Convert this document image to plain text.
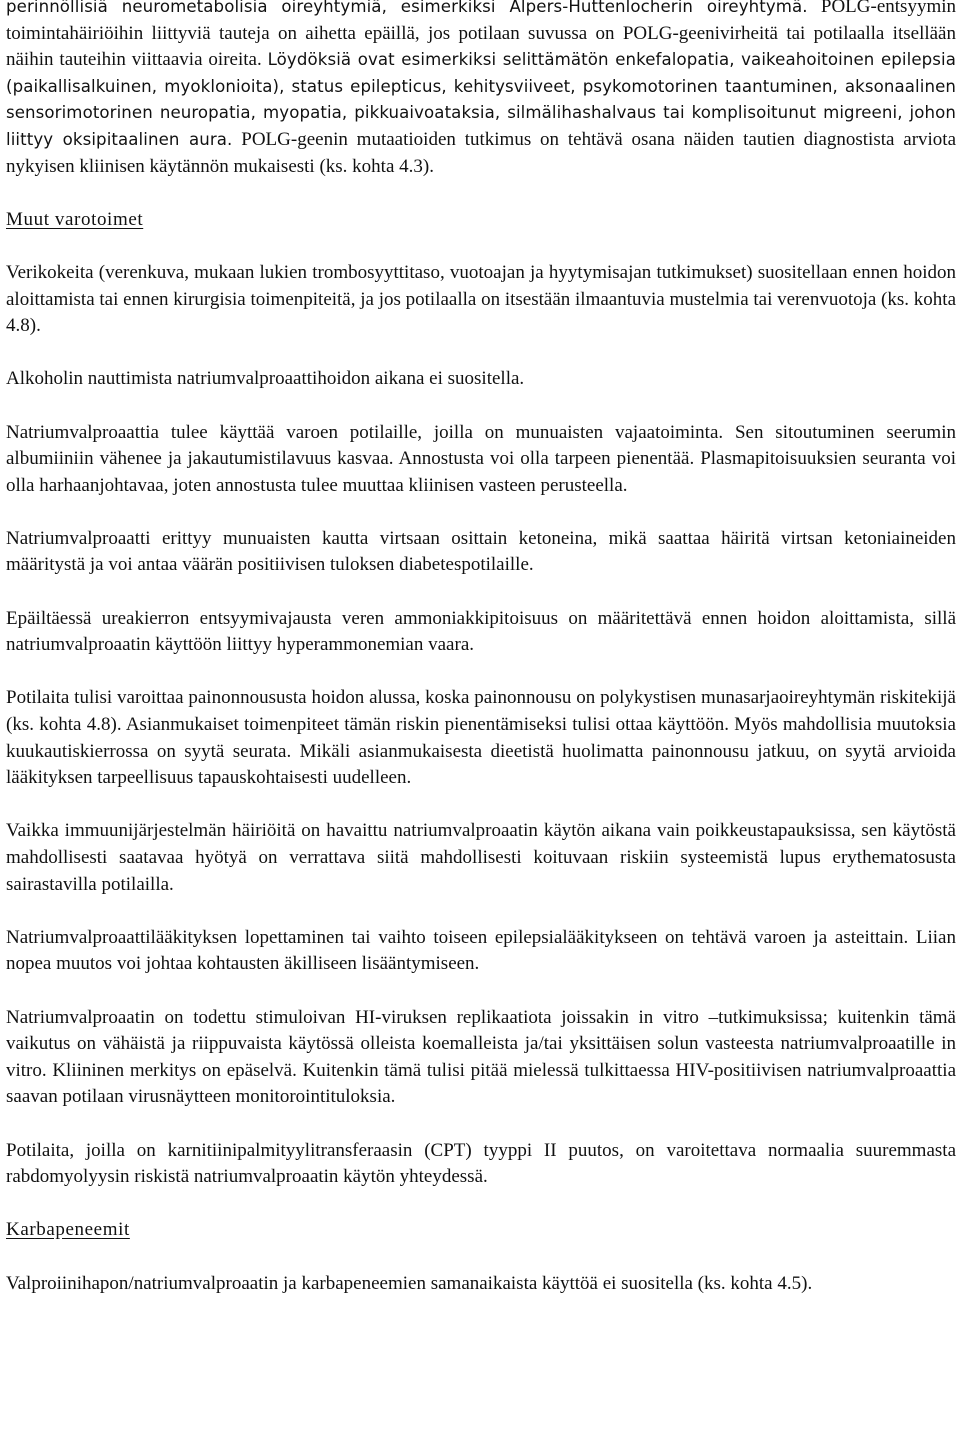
perinnöllisiä neurometabolisia oireyhtymiä, esimerkiksi Alpers-Huttenlocherin oireyhtymä. POLG-entsyymin toimintahäiriöihin liittyviä tauteja on aihetta epäillä, jos potilaan suvussa on POLG-geenivirheitä tai potilaalla itsellään näihin tauteihin viittaavia oireita. Löydöksiä ovat esimerkiksi selittämätön enkefalopatia, vaikeahoitoinen epilepsia (paikallisalkuinen, myoklonioita), status epilepticus, kehitysviiveet, psykomotorinen taantuminen, aksonaalinen sensorimotorinen neuropatia, myopatia, pikkuaivoataksia, silmälihashalvaus tai komplisoitunut migreeni, johon liittyy oksipitaalinen aura. POLG-geenin mutaatioiden tutkimus on tehtävä osana näiden tautien diagnostista arviota nykyisen kliinisen käytännön mukaisesti (ks. kohta 4.3).

Muut varotoimet

Verikokeita (verenkuva, mukaan lukien trombosyyttitaso, vuotoajan ja hyytymisajan tutkimukset) suositellaan ennen hoidon aloittamista tai ennen kirurgisia toimenpiteitä, ja jos potilaalla on itsestään ilmaantuvia mustelmia tai verenvuotoja (ks. kohta 4.8).

Alkoholin nauttimista natriumvalproaattihoidon aikana ei suositella.

Natriumvalproaattia tulee käyttää varoen potilaille, joilla on munuaisten vajaatoiminta. Sen sitoutuminen seerumin albumiiniin vähenee ja jakautumistilavuus kasvaa. Annostusta voi olla tarpeen pienentää. Plasmapitoisuuksien seuranta voi olla harhaanjohtavaa, joten annostusta tulee muuttaa kliinisen vasteen perusteella.

Natriumvalproaatti erittyy munuaisten kautta virtsaan osittain ketoneina, mikä saattaa häiritä virtsan ketoniaineiden määritystä ja voi antaa väärän positiivisen tuloksen diabetespotilaille.

Epäiltäessä ureakierron entsyymivajausta veren ammoniakkipitoisuus on määritettävä ennen hoidon aloittamista, sillä natriumvalproaatin käyttöön liittyy hyperammonemian vaara.

Potilaita tulisi varoittaa painonnousustа hoidon alussa, koska painonnousu on polykystisen munasarjaoireyhtymän riskitekijä (ks. kohta 4.8). Asianmukaiset toimenpiteet tämän riskin pienentämiseksi tulisi ottaa käyttöön. Myös mahdollisia muutoksia kuukautiskierrossa on syytä seurata. Mikäli asianmukaisesta dieetistä huolimatta painonnousu jatkuu, on syytä arvioida lääkityksen tarpeellisuus tapauskohtaisesti uudelleen.

Vaikka immuunijärjestelmän häiriöitä on havaittu natriumvalproaatin käytön aikana vain poikkeustapauksissa, sen käytöstä mahdollisesti saatavaa hyötyä on verrattava siitä mahdollisesti koituvaan riskiin systeemistä lupus erythematosusta sairastavilla potilailla.

Natriumvalproaattilääkityksen lopettaminen tai vaihto toiseen epilepsialääkitykseen on tehtävä varoen ja asteittain. Liian nopea muutos voi johtaa kohtausten äkilliseen lisääntymiseen.

Natriumvalproaatin on todettu stimuloivan HI-viruksen replikaatiota joissakin in vitro –tutkimuksissa; kuitenkin tämä vaikutus on vähäistä ja riippuvaista käytössä olleista koemalleista ja/tai yksittäisen solun vasteesta natriumvalproaatille in vitro. Kliininen merkitys on epäselvä. Kuitenkin tämä tulisi pitää mielessä tulkittaessa HIV-positiivisen natriumvalproaattia saavan potilaan virusnäytteen monitorointituloksia.

Potilaita, joilla on karnitiinipalmityylitransferaasin (CPT) tyyppi II puutos, on varoitettava normaalia suuremmasta rabdomyolyysin riskistä natriumvalproaatin käytön yhteydessä.

Karbapeneemit

Valproiinihapon/natriumvalproaatin ja karbapeneemien samanaikaista käyttöä ei suositella (ks. kohta 4.5).
